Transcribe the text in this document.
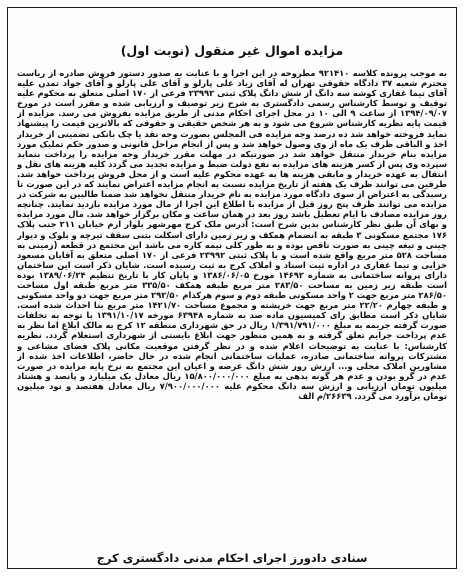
مزایده اموال غیر منقول (نوبت اول)
به موجب پرونده کلاسه ۹۲۱۴۱۰ مطروحه در این اجرا و با عنایت به صدور دستور فروش صادره از ریاست محترم شعبه ۳۷ دادگاه حقوقی تهران له آقای زیاد علی پارلو و آقای علی پارلو و آقای جواد تمدن علیه آقای تیما غفاری کوشه سه دانگ از شش دانگ پلاک ثبتی ۲۳۹۹۲ فرعی از ۱۷۰ اصلی متعلق به محکوم علیه توقیف و توسط کارشناس رسمی دادگستری به شرح زیر توصیف و ارزیابی شده و مقرر است در مورخ ۱۳۹۴/۰۹/۰۷ از ساعت ۹ الی ۱۰ در محل اجرای احکام مدنی از طریق مزایده بفروش می رسد. مزایده از قیمت پایه نظریه کارشناس شروع می شود و به هر شخص حقیقی و حقوقی که بالاترین قیمت را پیشنهاد نماید فروخته خواهد شد ده درصد وجه مزایده فی المجلس بصورت وجه نقد یا چک بانکی تضمینی از خریدار اخذ و الباقی ظرف یک ماه از وی وصول خواهد شد و پس از انجام مراحل قانونی و صدور حکم تملیک مورد مزایده بنام خریدار منتقل خواهد شد در صورتیکه در مهلت مقرر خریدار وجه مزایده را پرداخت ننماید سپرده وی پس از کسر هزینه های مزایده به نفع دولت ضبط و مزایده تجدید می گردد کلیه هزینه های نقل و انتقال به عهده خریدار و مابقی هزینه ها به عهده محکوم علیه است و از محل فروش پرداخت خواهد شد. طرفین می توانند ظرف یک هفته از تاریخ مزایده نسبت به انجام مزایده اعتراض نمایند که در این صورت تا رسیدگی به اعتراض از سوی دادگاه مورد مزایده به نام خریدار منتقل نخواهد شد ضمنا طالبین به شرکت در مزایده می توانند ظرف پنج روز قبل از مزایده با اطلاع این اجرا از مال مورد مزایده بازدید نمایند. چنانچه روز مزایده مصادف با ایام تعطیل باشد روز بعد در همان ساعت و مکان برگزار خواهد شد. مال مورد مزایده و بهای آن طبق نظر کارشناس بدین شرح است: آدرس ملک کرج مهرشهر بلوار ارم خیابان ۲۱۱ جنب پلاک ۱۷۶ مجتمع مسکونی ۳ طبقه به انضمام همکف و زیر زمین دارای اسکلت بتنی سقف تیرچه و بلوک و دیوار چینی و تیغه چینی به صورت ناقص بوده و به طور کلی نیمه کاره می باشد این مجتمع در قطعه (زمینی به مساحت ۵۲۸ متر مربع واقع شده است و با پلاک ثبتی ۲۳۹۹۲ فرعی از ۱۷۰ اصلی متعلق به آقایان مسعود خزایی و تیما غفاری در اداره ثبت اسناد و املاک کرج به ثبت رسیده است. شایان ذکر است این ساختمان دارای پروانه ساختمانی به شماره ۱۴۶۹۲ مورخ ۱۳۸۶/۰۶/۰۵ و پایان کار با تاریخ تنظیم ۱۳۸۹/۰۶/۲۴ بوده است طبقه زیر زمین به مساحت ۲۸۳/۵۰ متر مربع طبقه همکف ۳۳۵/۵۰ متر مربع طبقه اول مساحت ۲۸۶/۵۰ متر مربع جهت ۲ واحد مسکونی طبقه دوم و سوم هرکدام ۲۹۲/۵۰ متر مربع جهت دو واحد مسکونی و طبقه چهارم ۲۲/۲۰ متر مربع جهت خرپشته و مجموع مساحت ۱۴۲۱/۷۰ متر مربع بنا احداث شده است. شایان ذکر است مطابق رای کمیسیون ماده صد به شماره ۶۳۹۴۸ مورخه ۱۳۹۱/۱۰/۱۷ با توجه به تخلفات صورت گرفته جریمه به مبلغ ۱/۳۹۱/۷۹۱/۰۰۰ ریال در حق شهرداری منطقه ۱۲ کرج به مالک ابلاغ اما نظر به عدم پرداخت جرایم تعلق گرفته و به همین منظور جهت ابلاغ بایستی از شهرداری استعلام گردد. نظریه کارشناس: با عنایت به توضیحات اعلام شده و در نظر گرفتن موقعیت مکانی پلاک فضای مشاعی و مشترکات پروانه ساختمانی صادره، عملیات ساختمانی انجام شده در حال حاضر، اطلاعات اخذ شده از مشاورین املاک محلی و... ارزش روز شش دانگ عرصه و اعیان این مجتمع به نرخ پایه مزایده در صورت عدم در گرو بودن و عدم هر گونه بدهی به مبلغ ۱۵/۸۰۰/۰۰۰/۰۰۰ ریال معادل یک میلیارد و پانصد و هشتاد میلیون تومان ارزیابی و ارزش سه دانگ محکوم علیه ۷/۹۰۰/۰۰۰/۰۰۰ ریال معادل هفتصد و نود میلیون تومان برآورد می گردد. ۲۶۶۳۹/م الف
سنادی دادورز اجرای احکام مدنی دادگستری کرج
